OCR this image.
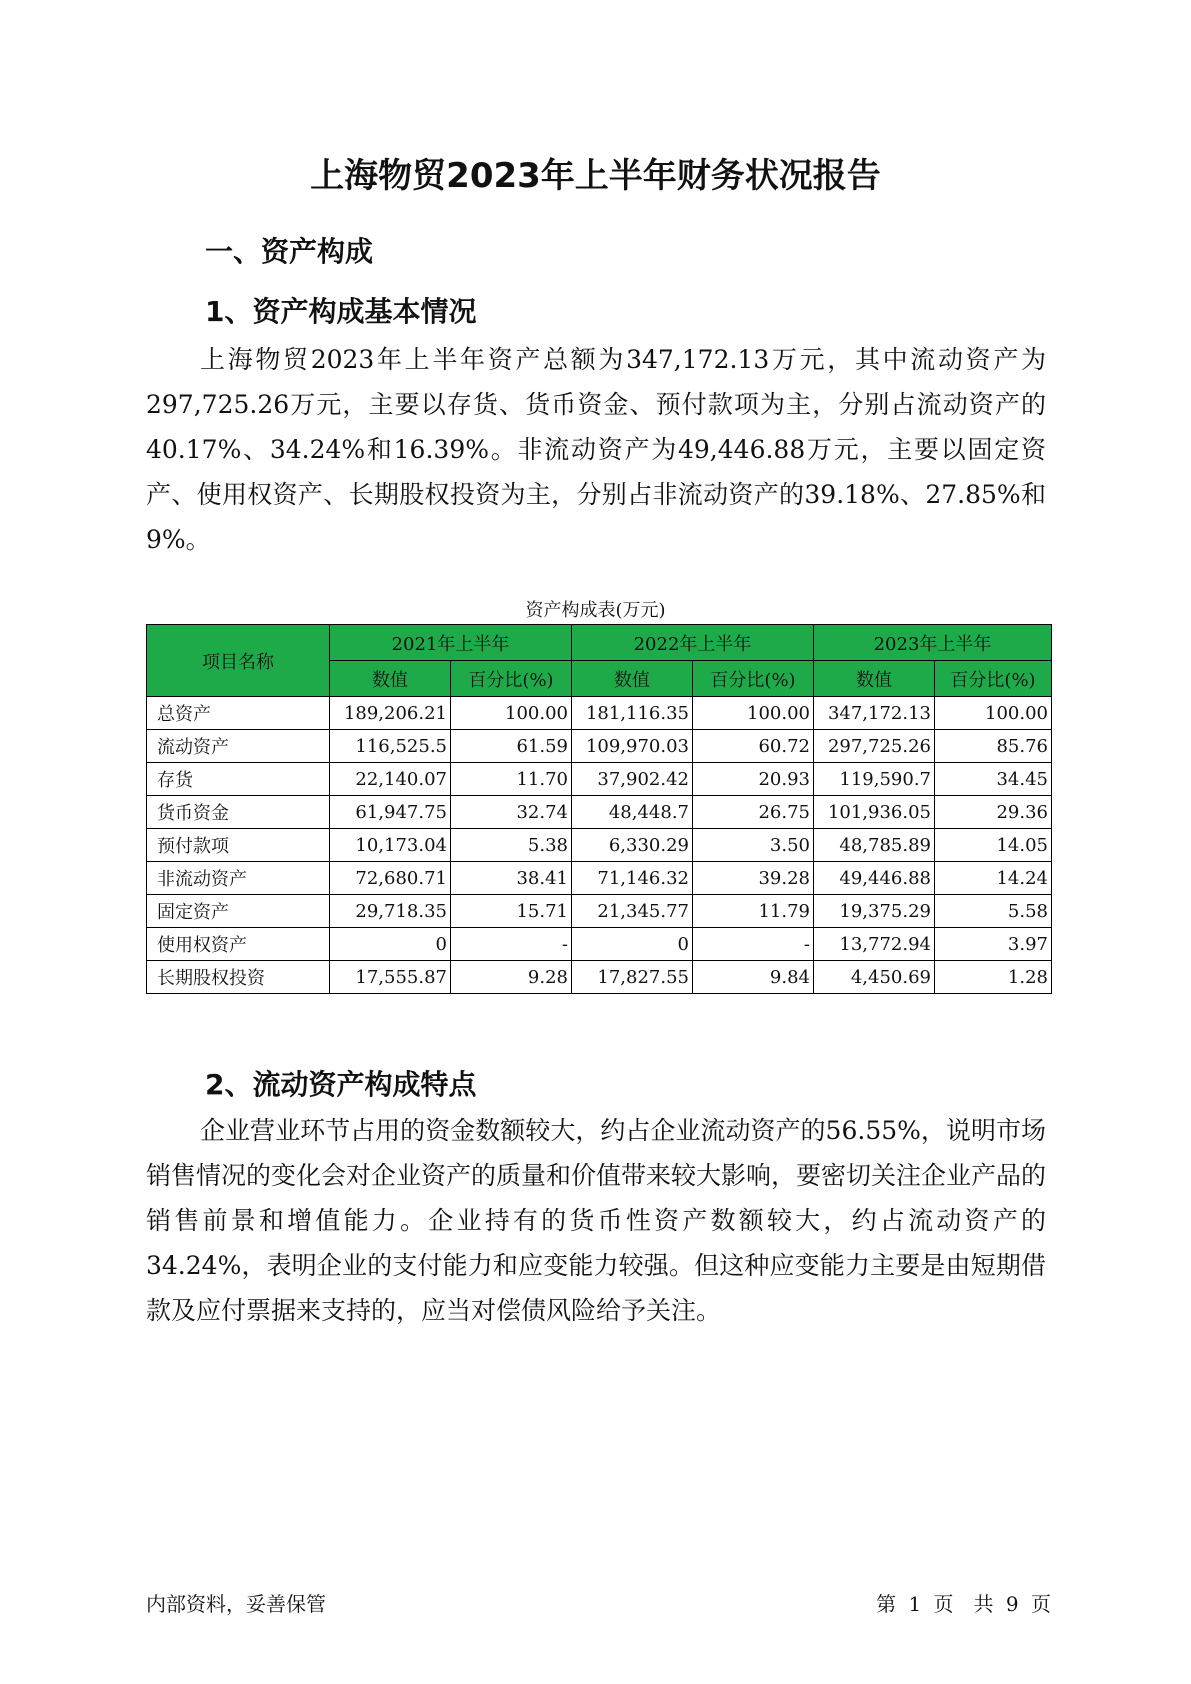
上海物贸2023年上半年财务状况报告
一、资产构成
1、资产构成基本情况

上海物贸2023年上半年资产总额为347,172.13万元，其中流动资产为297,725.26万元，主要以存货、货币资金、预付款项为主，分别占流动资产的40.17%、34.24%和16.39%。非流动资产为49,446.88万元，主要以固定资产、使用权资产、长期股权投资为主，分别占非流动资产的39.18%、27.85%和9%。

资产构成表(万元)
项目名称	2021年上半年		2022年上半年		2023年上半年	
	数值	百分比(%)	数值	百分比(%)	数值	百分比(%)
总资产	189,206.21	100.00	181,116.35	100.00	347,172.13	100.00
流动资产	116,525.5	61.59	109,970.03	60.72	297,725.26	85.76
存货	22,140.07	11.70	37,902.42	20.93	119,590.7	34.45
货币资金	61,947.75	32.74	48,448.7	26.75	101,936.05	29.36
预付款项	10,173.04	5.38	6,330.29	3.50	48,785.89	14.05
非流动资产	72,680.71	38.41	71,146.32	39.28	49,446.88	14.24
固定资产	29,718.35	15.71	21,345.77	11.79	19,375.29	5.58
使用权资产	0	-	0	-	13,772.94	3.97
长期股权投资	17,555.87	9.28	17,827.55	9.84	4,450.69	1.28
2、流动资产构成特点

企业营业环节占用的资金数额较大，约占企业流动资产的56.55%，说明市场销售情况的变化会对企业资产的质量和价值带来较大影响，要密切关注企业产品的销售前景和增值能力。企业持有的货币性资产数额较大，约占流动资产的34.24%，表明企业的支付能力和应变能力较强。但这种应变能力主要是由短期借款及应付票据来支持的，应当对偿债风险给予关注。

内部资料，妥善保管	第 1 页　共 9 页
